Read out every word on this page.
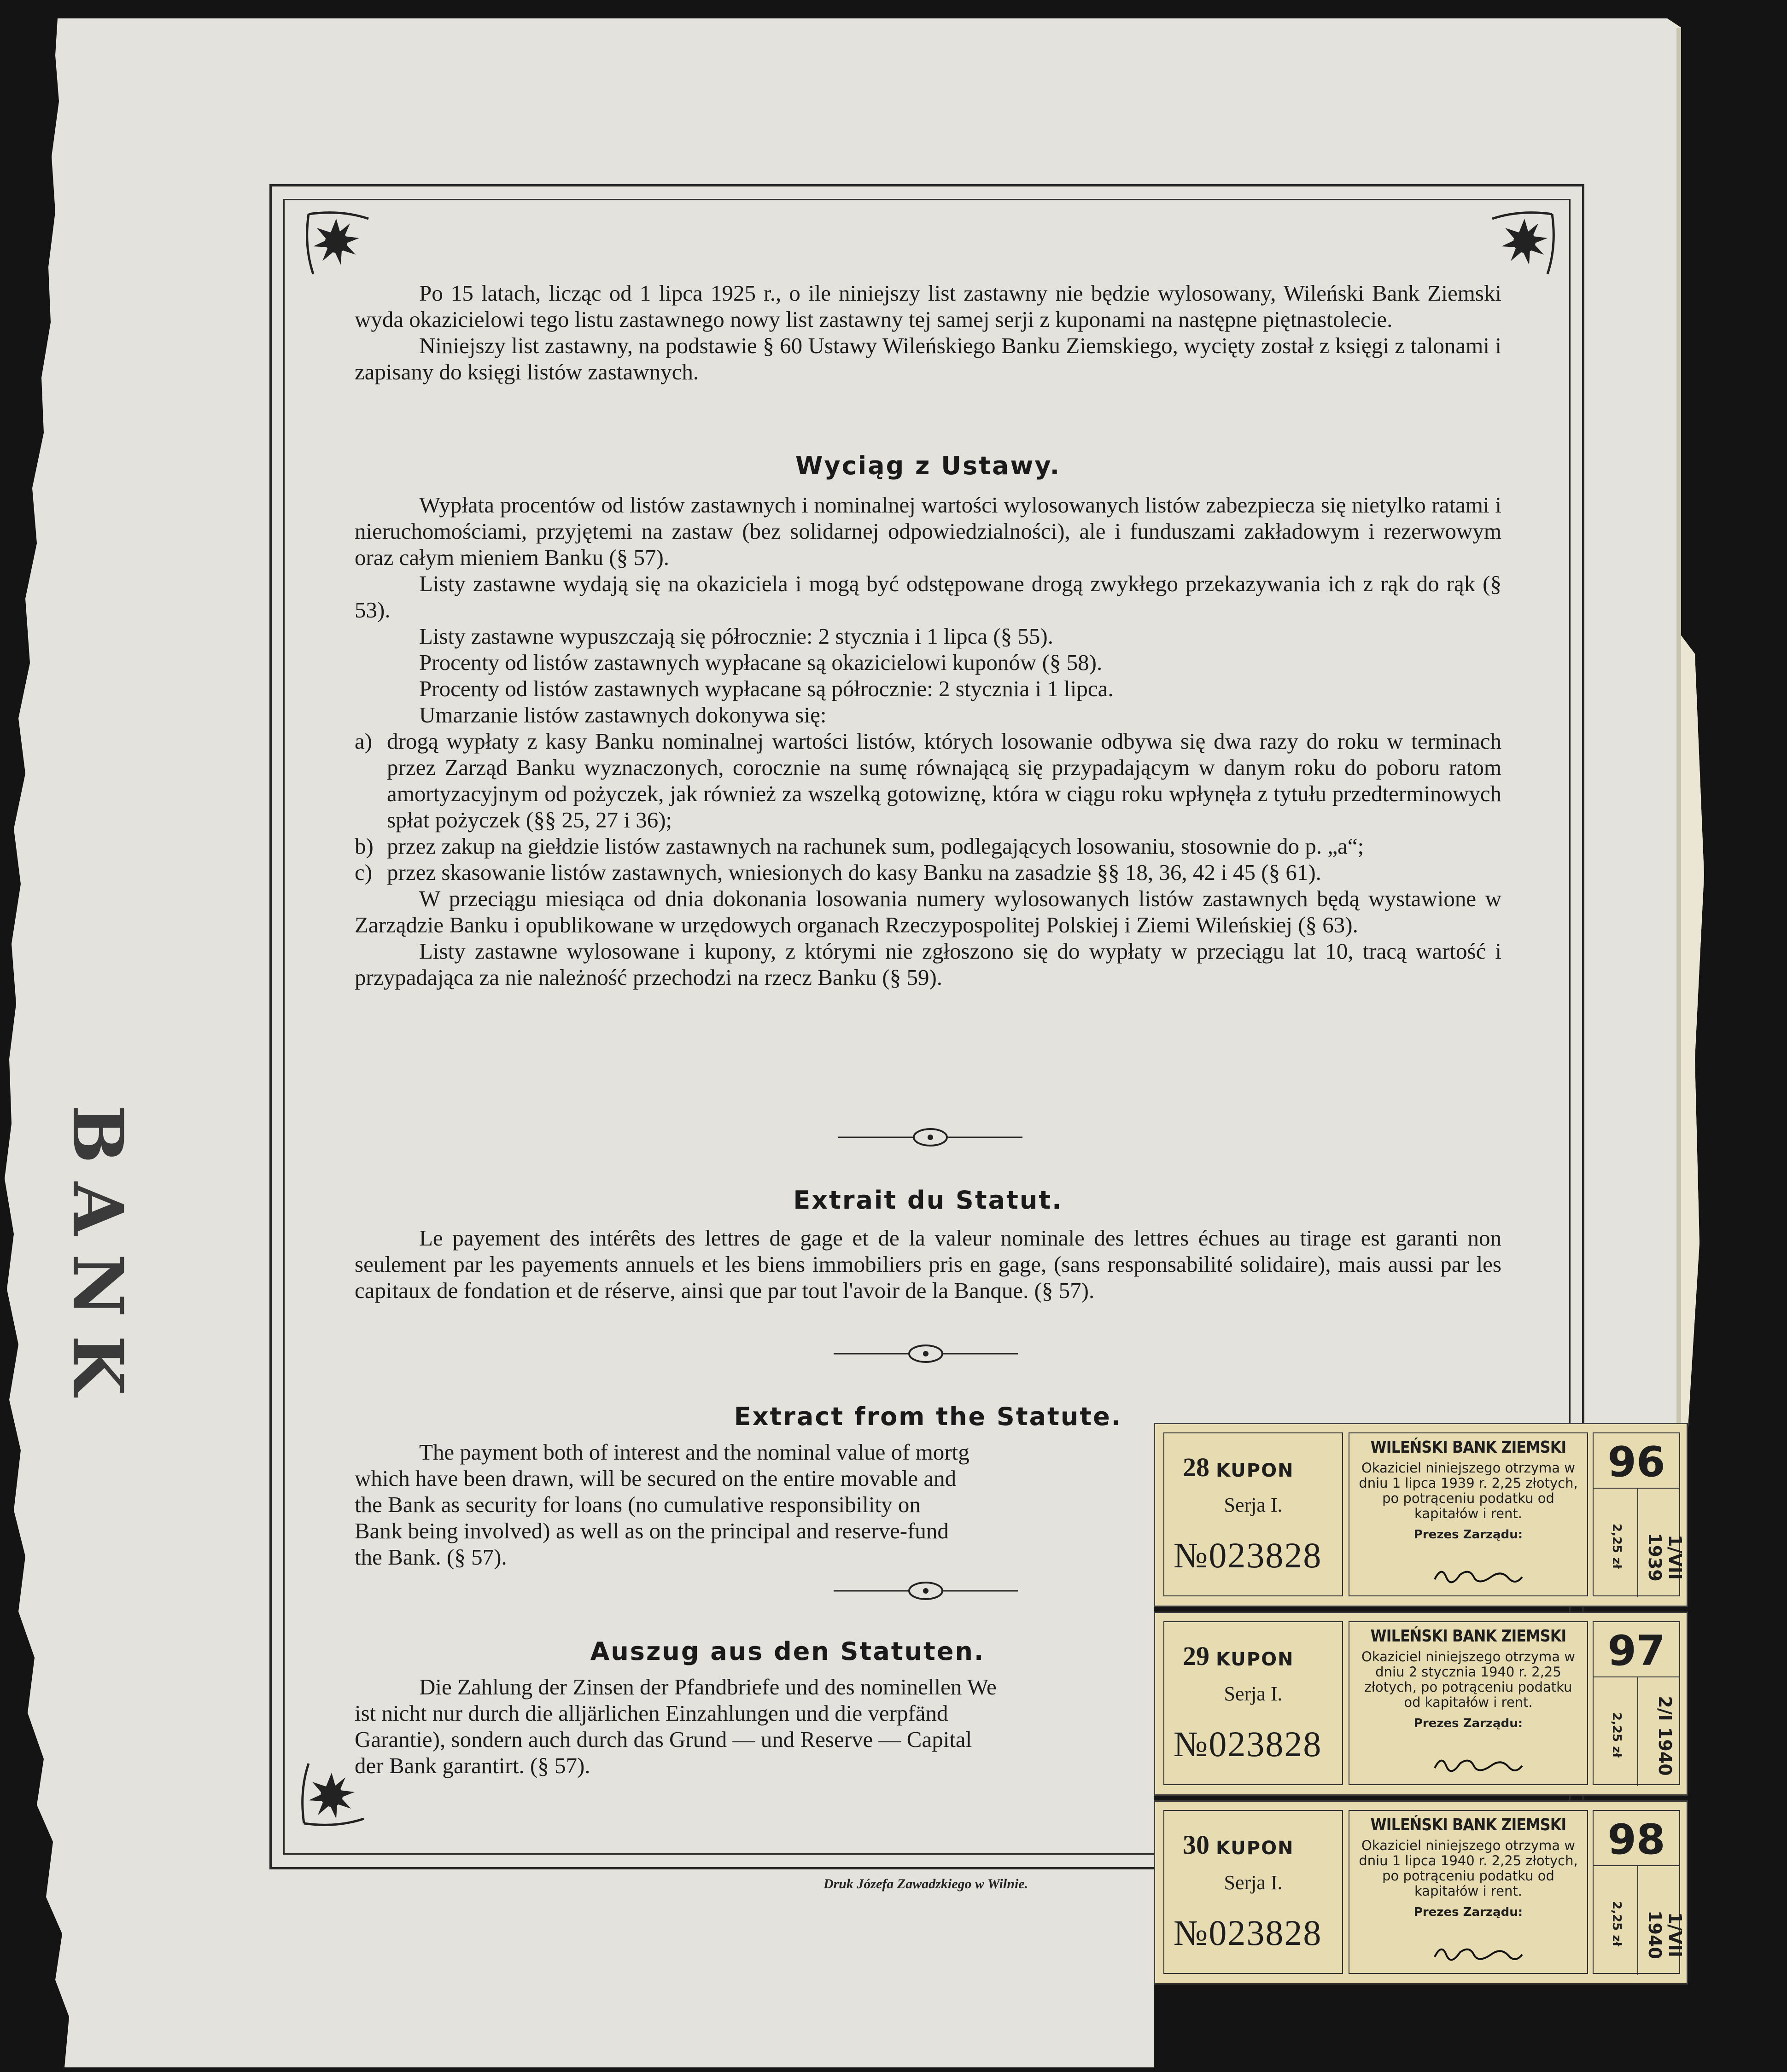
BANK

Po 15 latach, licząc od 1 lipca 1925 r., o ile niniejszy list zastawny nie będzie wylosowany, Wileński Bank Ziemski wyda okazicielowi tego listu zastawnego nowy list zastawny tej samej serji z kuponami na następne piętnastolecie.

Niniejszy list zastawny, na podstawie § 60 Ustawy Wileńskiego Banku Ziemskiego, wycięty został z księgi z talonami i zapisany do księgi listów zastawnych.

Wyciąg z Ustawy.

Wypłata procentów od listów zastawnych i nominalnej wartości wylosowanych listów zabezpiecza się nietylko ratami i nieruchomościami, przyjętemi na zastaw (bez solidarnej odpowiedzialności), ale i funduszami zakładowym i rezerwowym oraz całym mieniem Banku (§ 57).

Listy zastawne wydają się na okaziciela i mogą być odstępowane drogą zwykłego przekazywania ich z rąk do rąk (§ 53).

Listy zastawne wypuszczają się półrocznie: 2 stycznia i 1 lipca (§ 55).

Procenty od listów zastawnych wypłacane są okazicielowi kuponów (§ 58).

Procenty od listów zastawnych wypłacane są półrocznie: 2 stycznia i 1 lipca.

Umarzanie listów zastawnych dokonywa się:

a) drogą wypłaty z kasy Banku nominalnej wartości listów, których losowanie odbywa się dwa razy do roku w terminach przez Zarząd Banku wyznaczonych, corocznie na sumę równającą się przypadającym w danym roku do poboru ratom amortyzacyjnym od pożyczek, jak również za wszelką gotowiznę, która w ciągu roku wpłynęła z tytułu przedterminowych spłat pożyczek (§§ 25, 27 i 36);
b) przez zakup na giełdzie listów zastawnych na rachunek sum, podlegających losowaniu, stosownie do p. „a“;
c) przez skasowanie listów zastawnych, wniesionych do kasy Banku na zasadzie §§ 18, 36, 42 i 45 (§ 61).

W przeciągu miesiąca od dnia dokonania losowania numery wylosowanych listów zastawnych będą wystawione w Zarządzie Banku i opublikowane w urzędowych organach Rzeczypospolitej Polskiej i Ziemi Wileńskiej (§ 63).

Listy zastawne wylosowane i kupony, z którymi nie zgłoszono się do wypłaty w przeciągu lat 10, tracą wartość i przypadająca za nie należność przechodzi na rzecz Banku (§ 59).

Extrait du Statut.

Le payement des intérêts des lettres de gage et de la valeur nominale des lettres échues au tirage est garanti non seulement par les payements annuels et les biens immobiliers pris en gage, (sans responsabilité solidaire), mais aussi par les capitaux de fondation et de réserve, ainsi que par tout l'avoir de la Banque. (§ 57).

Extract from the Statute.
The payment both of interest and the nominal value of mortg
which have been drawn, will be secured on the entire movable and
the Bank as security for loans (no cumulative responsibility on
Bank being involved) as well as on the principal and reserve-fund
the Bank. (§ 57).
Auszug aus den Statuten.
Die Zahlung der Zinsen der Pfandbriefe und des nominellen We
ist nicht nur durch die alljärlichen Einzahlungen und die verpfänd
Garantie), sondern auch durch das Grund — und Reserve — Capital
der Bank garantirt. (§ 57).
Druk Józefa Zawadzkiego w Wilnie.
28 KUPON
Serja I.
№023828
WILEŃSKI BANK ZIEMSKI
Okaziciel niniejszego otrzyma w dniu 1 lipca 1939 r. 2,25 złotych, po potrąceniu podatku od kapitałów i rent.
Prezes Zarządu:
96
2,25 zł	1/VII 1939
29 KUPON
Serja I.
№023828
WILEŃSKI BANK ZIEMSKI
Okaziciel niniejszego otrzyma w dniu 2 stycznia 1940 r. 2,25 złotych, po potrąceniu podatku od kapitałów i rent.
Prezes Zarządu:
97
2,25 zł 2/I 1940
30 KUPON
Serja I.
№023828
WILEŃSKI BANK ZIEMSKI
Okaziciel niniejszego otrzyma w dniu 1 lipca 1940 r. 2,25 złotych, po potrąceniu podatku od kapitałów i rent.
Prezes Zarządu:
98
2,25 zł	1/VII 1940
